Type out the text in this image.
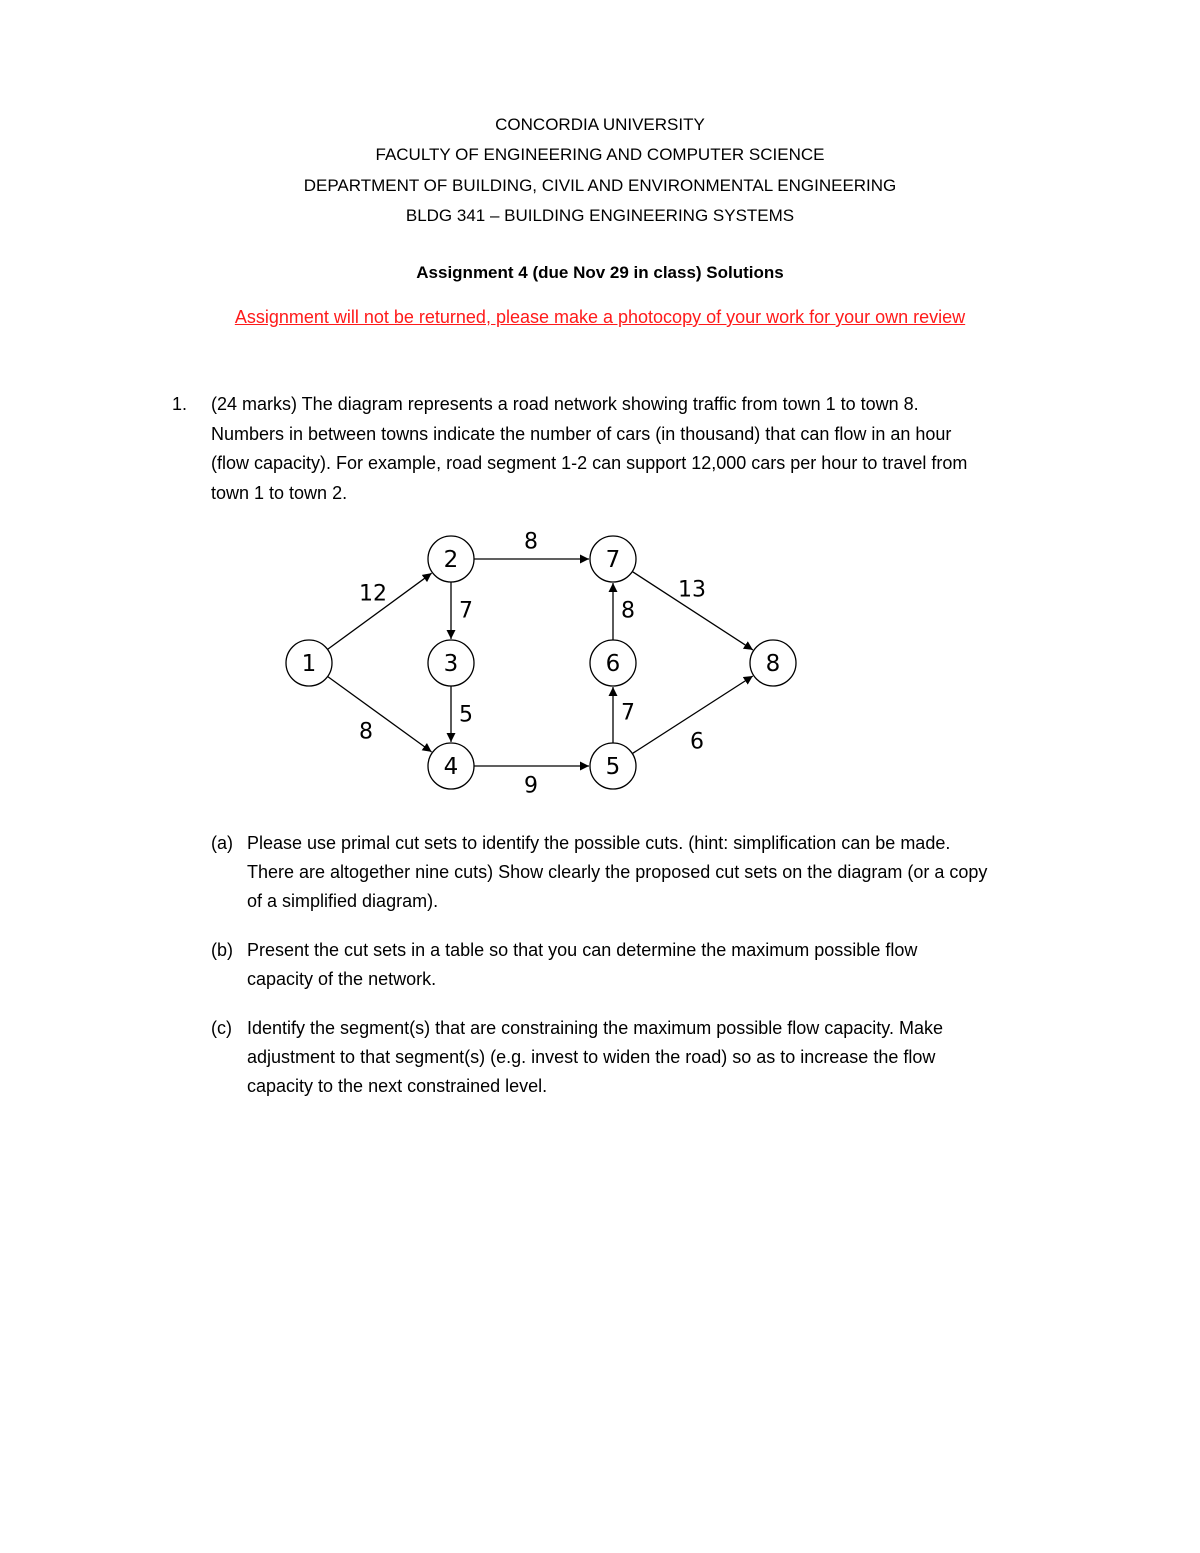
CONCORDIA UNIVERSITY
FACULTY OF ENGINEERING AND COMPUTER SCIENCE
DEPARTMENT OF BUILDING, CIVIL AND ENVIRONMENTAL ENGINEERING
BLDG 341 – BUILDING ENGINEERING SYSTEMS
Assignment 4 (due Nov 29 in class) Solutions
Assignment will not be returned, please make a photocopy of your work for your own review
1. (24 marks) The diagram represents a road network showing traffic from town 1 to town 8.
Numbers in between towns indicate the number of cars (in thousand) that can flow in an hour
(flow capacity). For example, road segment 1-2 can support 12,000 cars per hour to travel from
town 1 to town 2.
1
2
3
4	5
6
7
8
12
8
7
8
5
9
7
8
13
6
(a) Please use primal cut sets to identify the possible cuts. (hint: simplification can be made.
There are altogether nine cuts) Show clearly the proposed cut sets on the diagram (or a copy
of a simplified diagram).
(b) Present the cut sets in a table so that you can determine the maximum possible flow
capacity of the network.
(c) Identify the segment(s) that are constraining the maximum possible flow capacity. Make
adjustment to that segment(s) (e.g. invest to widen the road) so as to increase the flow
capacity to the next constrained level.
